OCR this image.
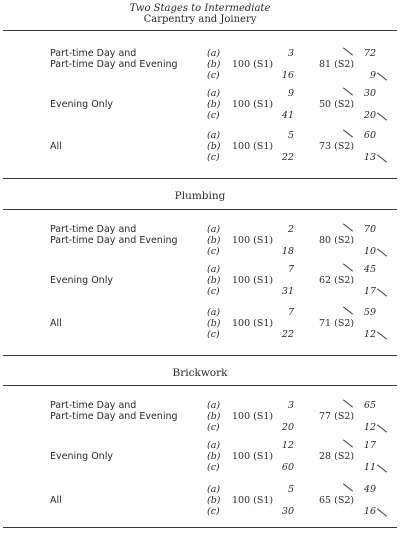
Two Stages to Intermediate
Carpentry and Joinery
Part-time Day and
Part-time Day and Evening
(a)	3	72
(b) 100 (S1)	81 (S2)
(c)	16	9
Evening Only
(a)	9	30
(b) 100 (S1)	50 (S2)
(c)	41	20
All
(a)	5	60
(b) 100 (S1)	73 (S2)
(c)	22	13
Part-time Day and
Part-time Day and Evening
(a)	2	70
(b) 100 (S1)	80 (S2)
(c)	18	10
Evening Only
(a)	7	45
(b) 100 (S1)	62 (S2)
(c)	31	17
All
(a)	7	59
(b) 100 (S1)	71 (S2)
(c)	22	12
Part-time Day and
Part-time Day and Evening
(a)	3	65
(b) 100 (S1)	77 (S2)
(c)	20	12
Evening Only
(a)	12	17
(b) 100 (S1)	28 (S2)
(c)	60	11
All
(a)	5	49
(b) 100 (S1)	65 (S2)
(c)	30	16
Plumbing
Brickwork
